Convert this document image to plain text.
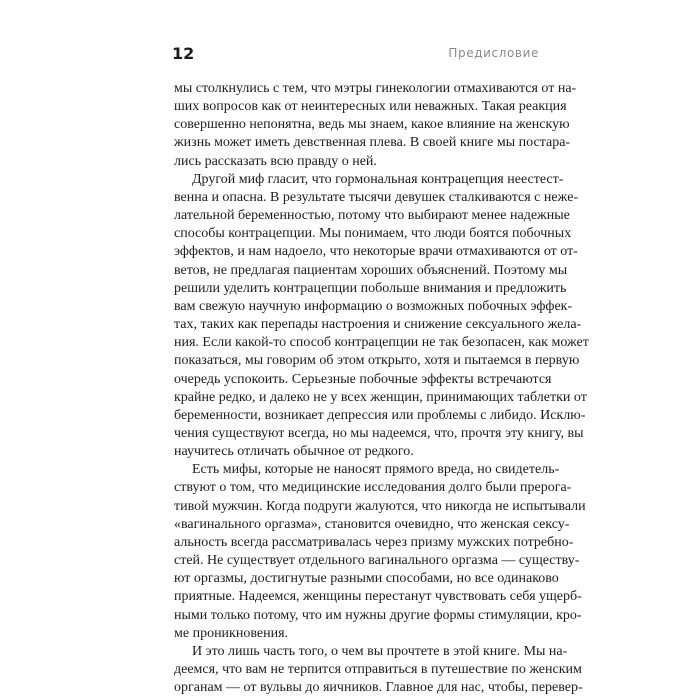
12	Предисловие
мы столкнулись с тем, что мэтры гинекологии отмахиваются от на-
ших вопросов как от неинтересных или неважных. Такая реакция
совершенно непонятна, ведь мы знаем, какое влияние на женскую
жизнь может иметь девственная плева. В своей книге мы постара-
лись рассказать всю правду о ней.
Другой миф гласит, что гормональная контрацепция неестест-
венна и опасна. В результате тысячи девушек сталкиваются с нежe-
лательной беременностью, потому что выбирают менее надежные
способы контрацепции. Мы понимаем, что люди боятся побочных
эффектов, и нам надоело, что некоторые врачи отмахиваются от от-
ветов, не предлагая пациентам хороших объяснений. Поэтому мы
решили уделить контрацепции побольше внимания и предложить
вам свежую научную информацию о возможных побочных эффек-
тах, таких как перепады настроения и снижение сексуального жела-
ния. Если какой-то способ контрацепции не так безопасен, как может
показаться, мы говорим об этом открыто, хотя и пытаемся в первую
очередь успокоить. Серьезные побочные эффекты встречаются
крайне редко, и далеко не у всех женщин, принимающих таблетки от
беременности, возникает депрессия или проблемы с либидо. Исклю-
чения существуют всегда, но мы надеемся, что, прочтя эту книгу, вы
научитесь отличать обычное от редкого.
Есть мифы, которые не наносят прямого вреда, но свидетель-
ствуют о том, что медицинские исследования долго были прерога-
тивой мужчин. Когда подруги жалуются, что никогда не испытывали
«вагинального оргазма», становится очевидно, что женская сексу-
альность всегда рассматривалась через призму мужских потребно-
стей. Не существует отдельного вагинального оргазма — существу-
ют оргазмы, достигнутые разными способами, но все одинаково
приятные. Надеемся, женщины перестанут чувствовать себя ущерб-
ными только потому, что им нужны другие формы стимуляции, кро-
ме проникновения.
И это лишь часть того, о чем вы прочтете в этой книге. Мы на-
деемся, что вам не терпится отправиться в путешествие по женским
органам — от вульвы до яичников. Главное для нас, чтобы, перевер-
